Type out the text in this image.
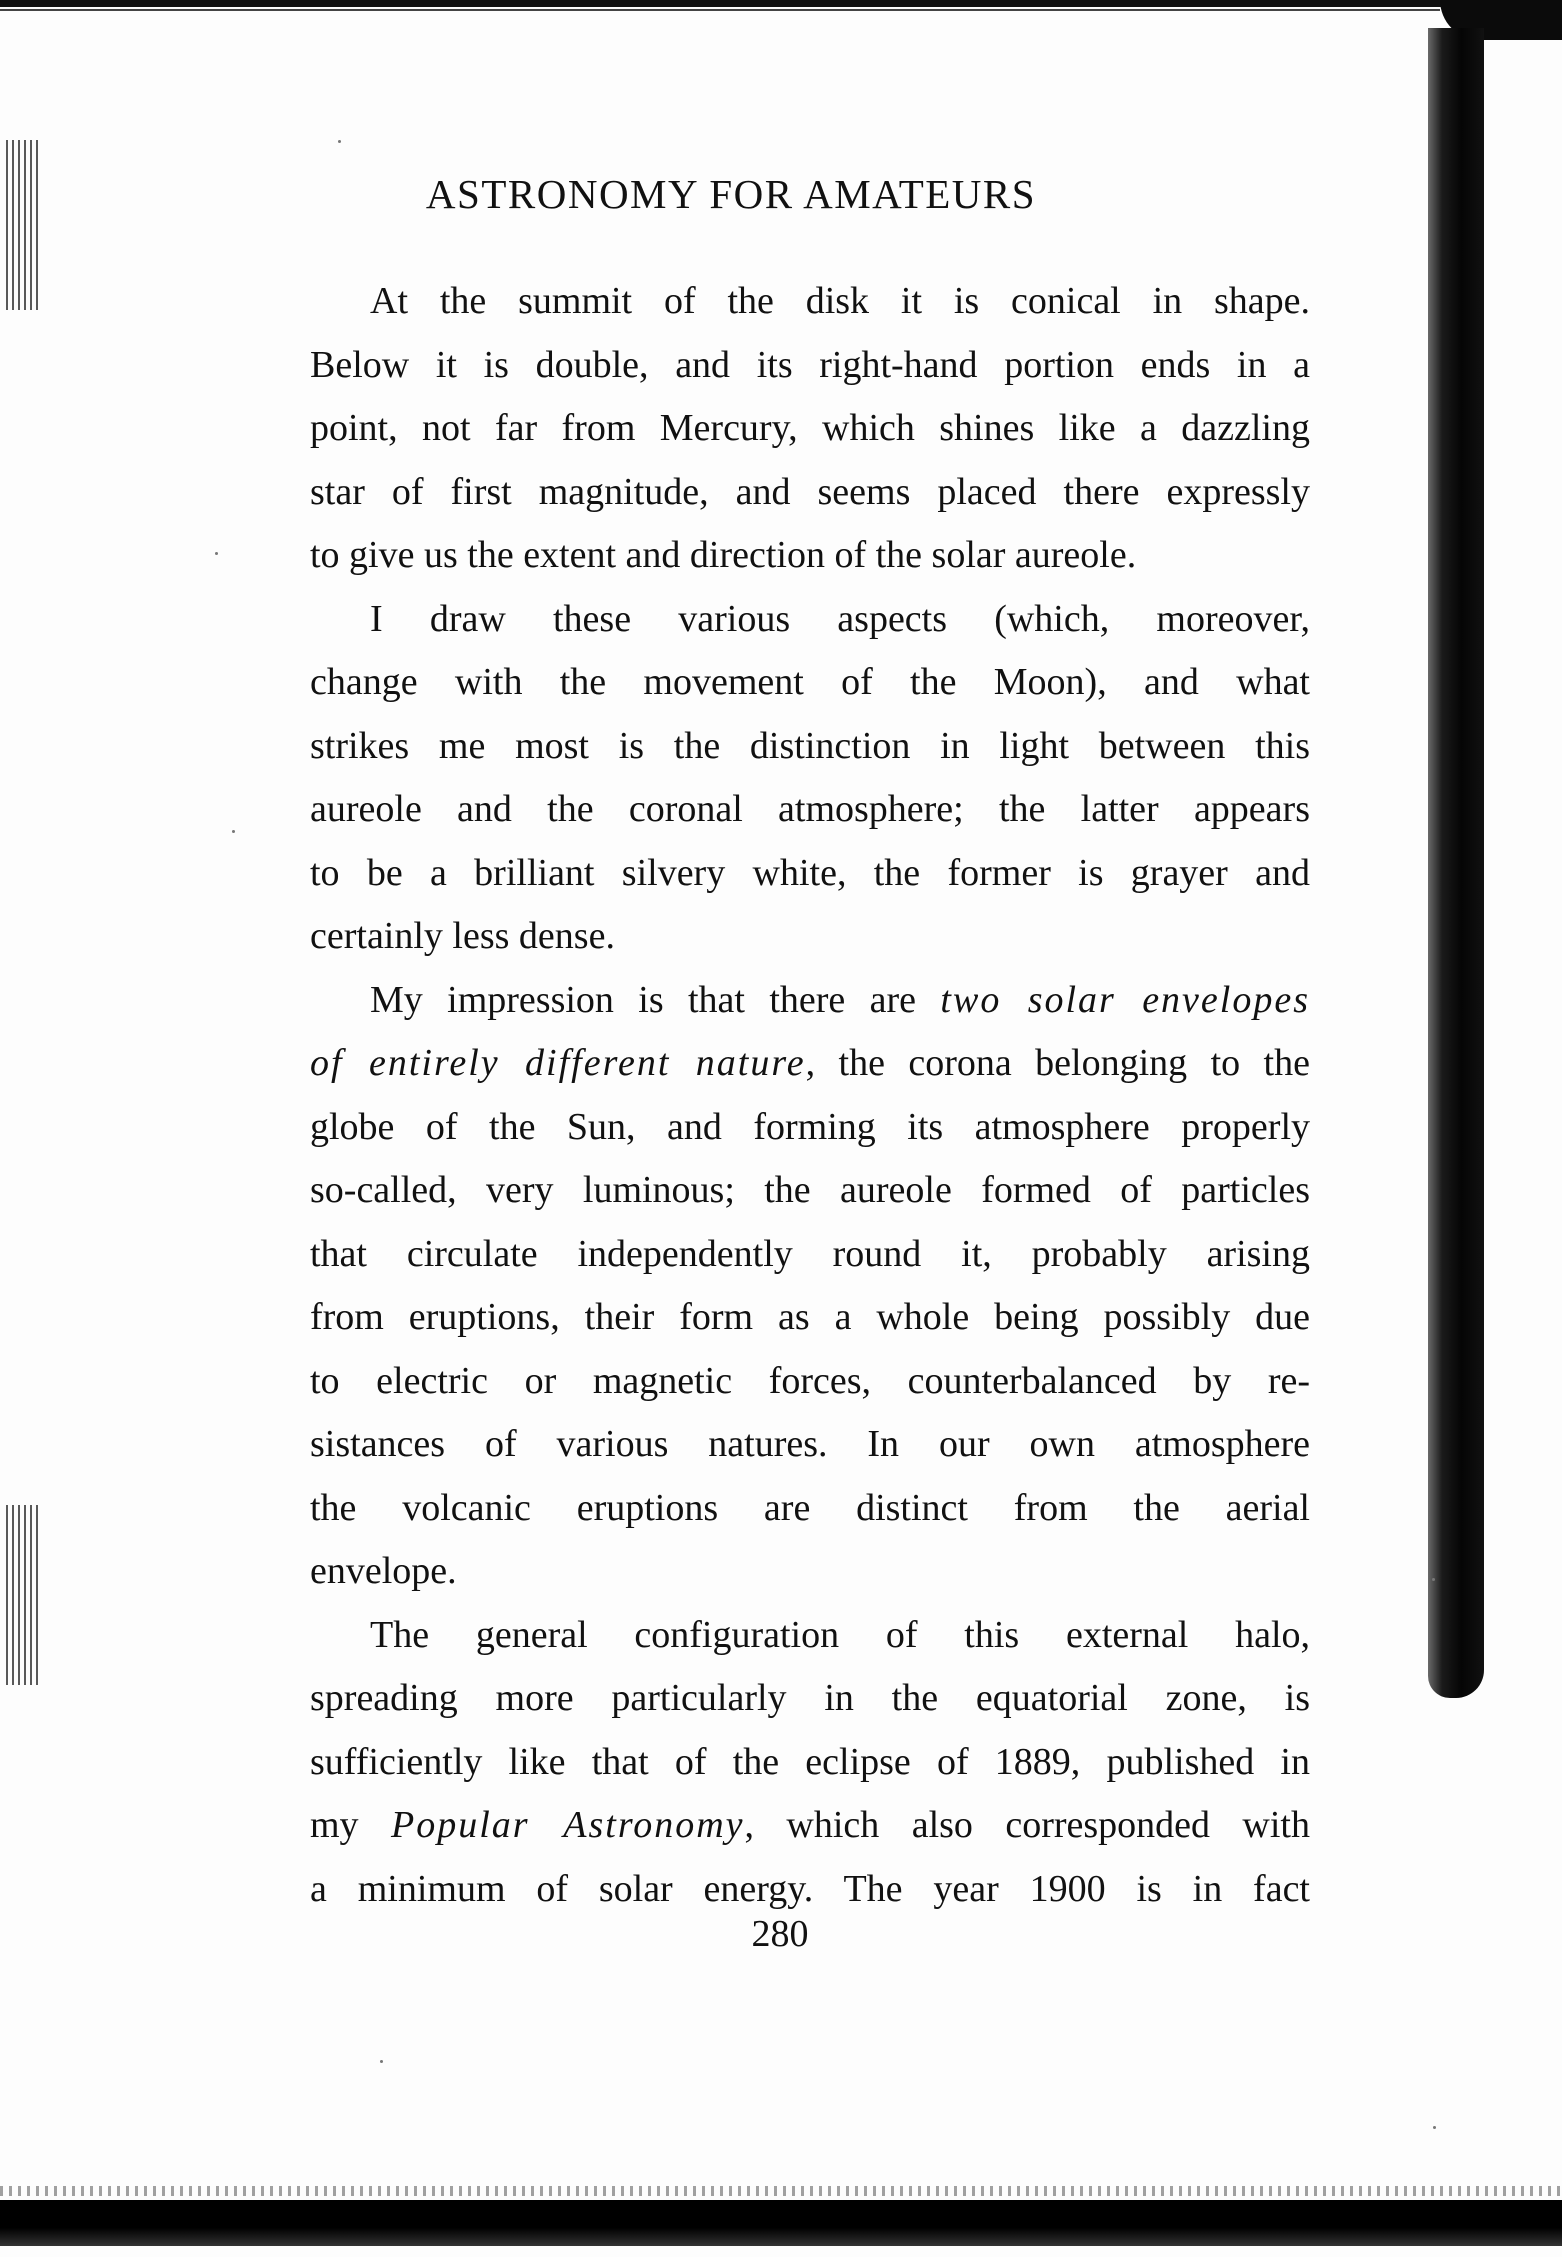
ASTRONOMY FOR AMATEURS
At the summit of the disk it is conical in shape.
Below it is double, and its right-hand portion ends in a
point, not far from Mercury, which shines like a dazzling
star of first magnitude, and seems placed there expressly
to give us the extent and direction of the solar aureole.
I draw these various aspects (which, moreover,
change with the movement of the Moon), and what
strikes me most is the distinction in light between this
aureole and the coronal atmosphere; the latter appears
to be a brilliant silvery white, the former is grayer and
certainly less dense.
My impression is that there are two solar envelopes
of entirely different nature, the corona belonging to the
globe of the Sun, and forming its atmosphere properly
so-called, very luminous; the aureole formed of particles
that circulate independently round it, probably arising
from eruptions, their form as a whole being possibly due
to electric or magnetic forces, counterbalanced by re-
sistances of various natures. In our own atmosphere
the volcanic eruptions are distinct from the aerial
envelope.
The general configuration of this external halo,
spreading more particularly in the equatorial zone, is
sufficiently like that of the eclipse of 1889, published in
my Popular Astronomy, which also corresponded with
a minimum of solar energy. The year 1900 is in fact
280
